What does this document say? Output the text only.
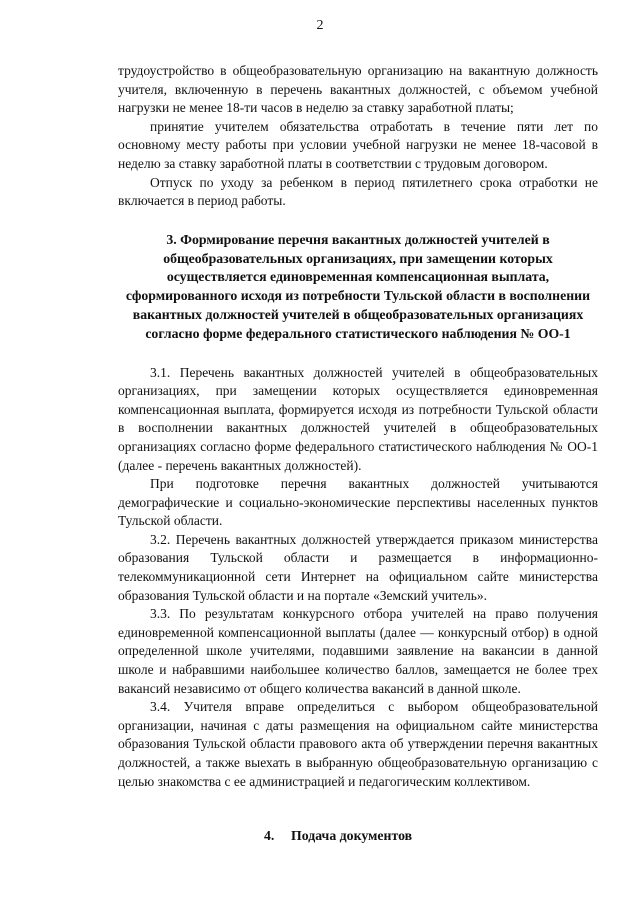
2

трудоустройство в общеобразовательную организацию на вакантную должность учителя, включенную в перечень вакантных должностей, с объемом учебной нагрузки не менее 18-ти часов в неделю за ставку заработной платы;

принятие учителем обязательства отработать в течение пяти лет по основному месту работы при условии учебной нагрузки не менее 18-часовой в неделю за ставку заработной платы в соответствии с трудовым договором.

Отпуск по уходу за ребенком в период пятилетнего срока отработки не включается в период работы.

3. Формирование перечня вакантных должностей учителей в общеобразовательных организациях, при замещении которых осуществляется единовременная компенсационная выплата, сформированного исходя из потребности Тульской области в восполнении вакантных должностей учителей в общеобразовательных организациях согласно форме федерального статистического наблюдения № ОО-1

3.1. Перечень вакантных должностей учителей в общеобразовательных организациях, при замещении которых осуществляется единовременная компенсационная выплата, формируется исходя из потребности Тульской области в восполнении вакантных должностей учителей в общеобразовательных организациях согласно форме федерального статистического наблюдения № ОО-1 (далее - перечень вакантных должностей).

При подготовке перечня вакантных должностей учитываются демографические и социально-экономические перспективы населенных пунктов Тульской области.

3.2. Перечень вакантных должностей утверждается приказом министерства образования Тульской области и размещается в информационно-телекоммуникационной сети Интернет на официальном сайте министерства образования Тульской области и на портале «Земский учитель».

3.3. По результатам конкурсного отбора учителей на право получения единовременной компенсационной выплаты (далее — конкурсный отбор) в одной определенной школе учителями, подавшими заявление на вакансии в данной школе и набравшими наибольшее количество баллов, замещается не более трех вакансий независимо от общего количества вакансий в данной школе.

3.4. Учителя вправе определиться с выбором общеобразовательной организации, начиная с даты размещения на официальном сайте министерства образования Тульской области правового акта об утверждении перечня вакантных должностей, а также выехать в выбранную общеобразовательную организацию с целью знакомства с ее администрацией и педагогическим коллективом.

4. Подача документов
